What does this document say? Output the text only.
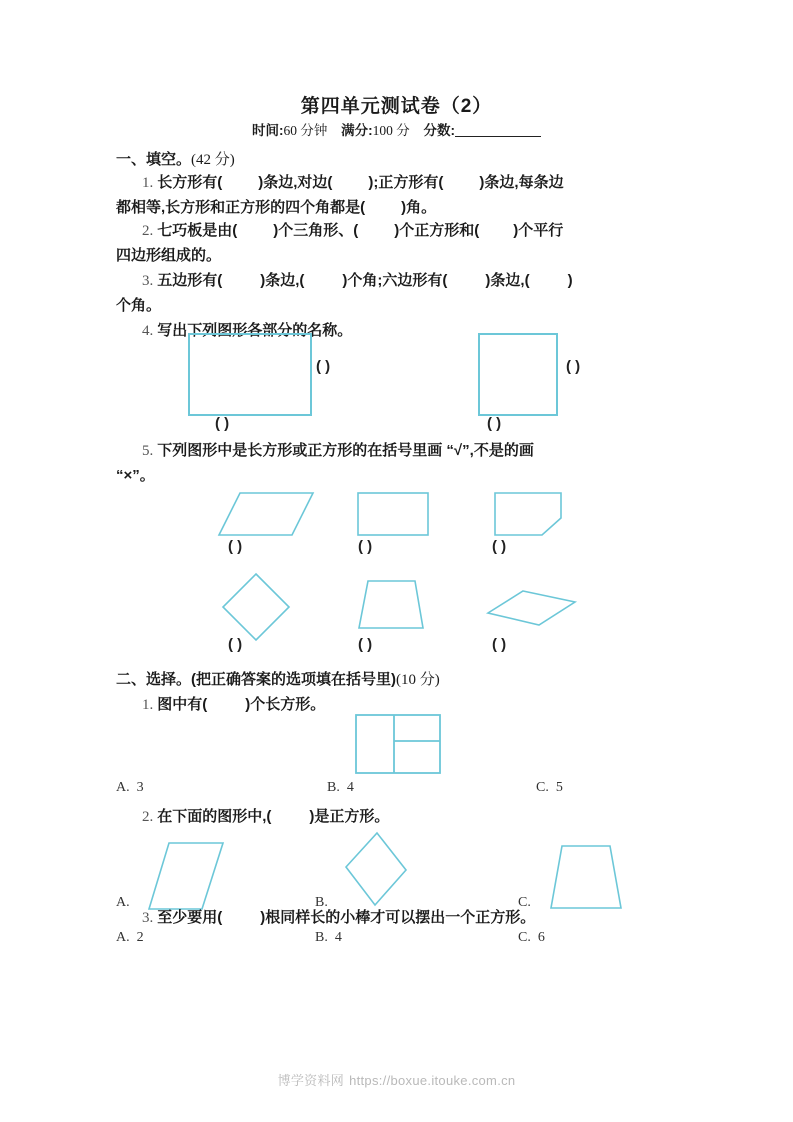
第四单元测试卷（2）
时间:60 分钟 满分:100 分 分数:
一、填空。(42 分)
1. 长方形有( )条边,对边( );正方形有( )条边,每条边
都相等,长方形和正方形的四个角都是( )角。
2. 七巧板是由( )个三角形、( )个正方形和( )个平行
四边形组成的。
3. 五边形有(	)条边,(	)个角;六边形有(	)条边,(	)
个角。
4. 写出下列图形各部分的名称。
( )
( )
( )
( )
5. 下列图形中是长方形或正方形的在括号里画 “√”,不是的画
“×”。
( )	( )	( )
( )	( )	( )
二、选择。(把正确答案的选项填在括号里)(10 分)
1. 图中有(	)个长方形。
A. 3	B. 4	C. 5
2. 在下面的图形中,(	)是正方形。
A.	B.	C.
3. 至少要用(	)根同样长的小棒才可以摆出一个正方形。
A. 2	B. 4	C. 6
博学资料网 https://boxue.itouke.com.cn
